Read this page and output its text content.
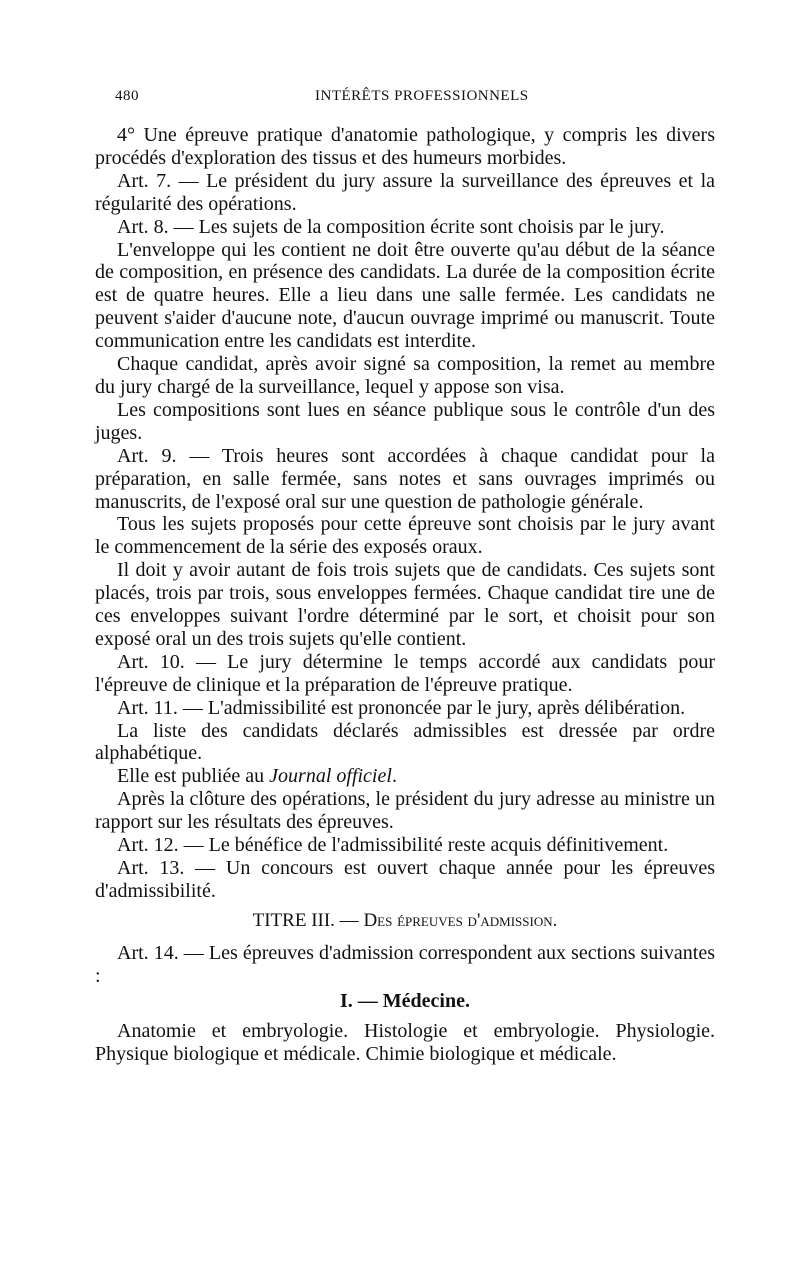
480	INTÉRÊTS PROFESSIONNELS

4° Une épreuve pratique d'anatomie pathologique, y compris les divers procédés d'exploration des tissus et des humeurs morbides.

Art. 7. — Le président du jury assure la surveillance des épreuves et la régularité des opérations.

Art. 8. — Les sujets de la composition écrite sont choisis par le jury.

L'enveloppe qui les contient ne doit être ouverte qu'au début de la séance de composition, en présence des candidats. La durée de la composition écrite est de quatre heures. Elle a lieu dans une salle fermée. Les candidats ne peuvent s'aider d'aucune note, d'aucun ouvrage imprimé ou manuscrit. Toute communication entre les candidats est interdite.

Chaque candidat, après avoir signé sa composition, la remet au membre du jury chargé de la surveillance, lequel y appose son visa.

Les compositions sont lues en séance publique sous le contrôle d'un des juges.

Art. 9. — Trois heures sont accordées à chaque candidat pour la préparation, en salle fermée, sans notes et sans ouvrages imprimés ou manuscrits, de l'exposé oral sur une question de pathologie générale.

Tous les sujets proposés pour cette épreuve sont choisis par le jury avant le commencement de la série des exposés oraux.

Il doit y avoir autant de fois trois sujets que de candidats. Ces sujets sont placés, trois par trois, sous enveloppes fermées. Chaque candidat tire une de ces enveloppes suivant l'ordre déterminé par le sort, et choisit pour son exposé oral un des trois sujets qu'elle contient.

Art. 10. — Le jury détermine le temps accordé aux candidats pour l'épreuve de clinique et la préparation de l'épreuve pratique.

Art. 11. — L'admissibilité est prononcée par le jury, après délibération.

La liste des candidats déclarés admissibles est dressée par ordre alphabétique.

Elle est publiée au Journal officiel.

Après la clôture des opérations, le président du jury adresse au ministre un rapport sur les résultats des épreuves.

Art. 12. — Le bénéfice de l'admissibilité reste acquis définitivement.

Art. 13. — Un concours est ouvert chaque année pour les épreuves d'admissibilité.

TITRE III. — Des épreuves d'admission.

Art. 14. — Les épreuves d'admission correspondent aux sections suivantes :

I. — Médecine.

Anatomie et embryologie. Histologie et embryologie. Physiologie. Physique biologique et médicale. Chimie biologique et médicale.
